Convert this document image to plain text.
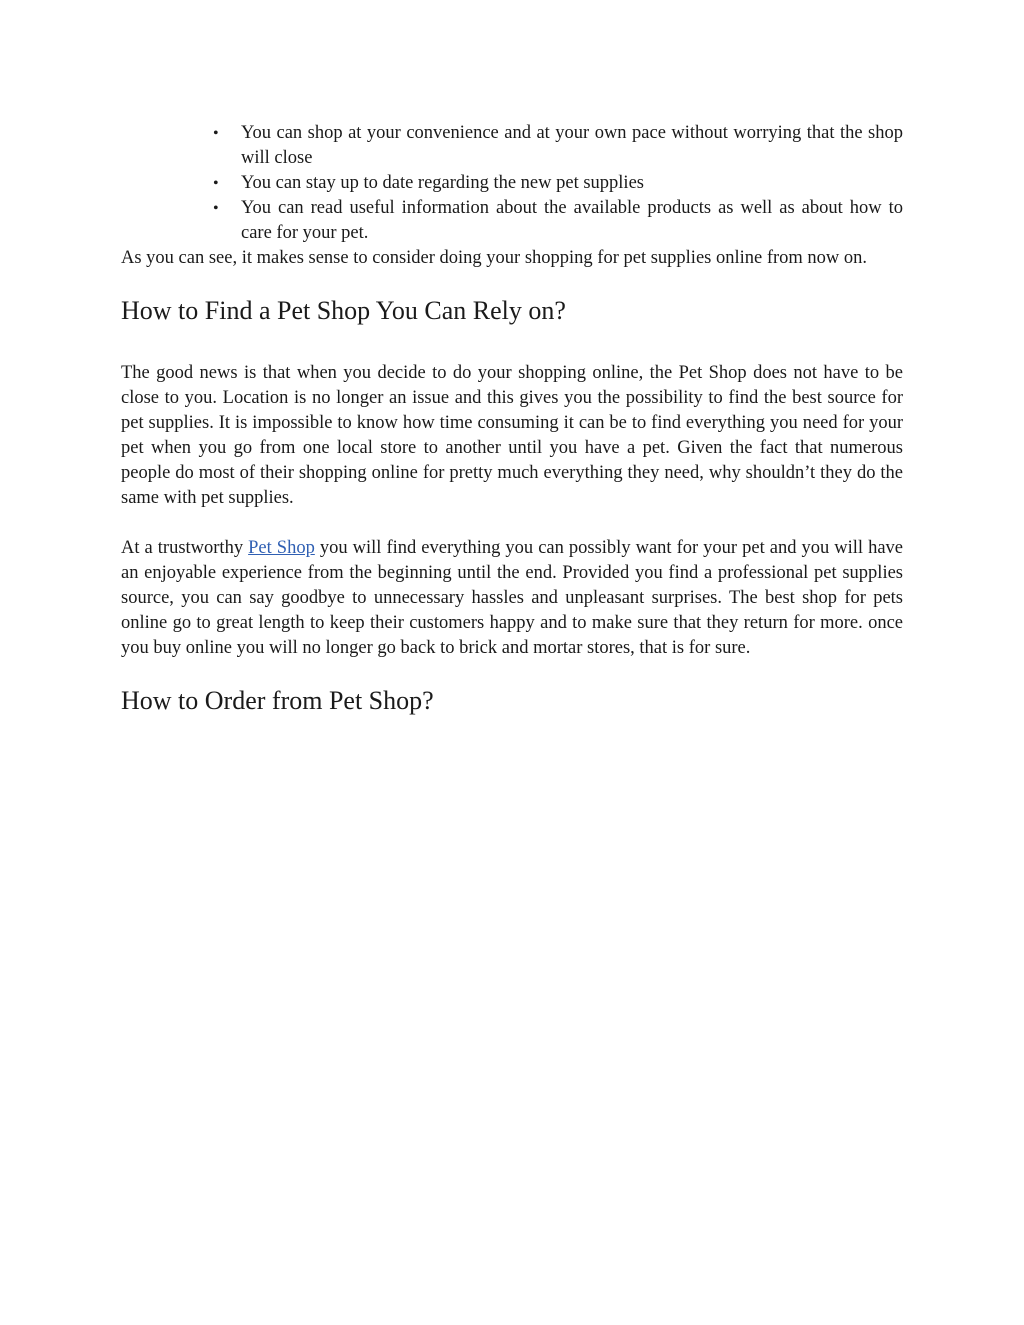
• You can shop at your convenience and at your own pace without worrying that the shop will close
• You can stay up to date regarding the new pet supplies
• You can read useful information about the available products as well as about how to care for your pet.

As you can see, it makes sense to consider doing your shopping for pet supplies online from now on.

How to Find a Pet Shop You Can Rely on?

The good news is that when you decide to do your shopping online, the Pet Shop does not have to be close to you. Location is no longer an issue and this gives you the possibility to find the best source for pet supplies. It is impossible to know how time consuming it can be to find everything you need for your pet when you go from one local store to another until you have a pet. Given the fact that numerous people do most of their shopping online for pretty much everything they need, why shouldn’t they do the same with pet supplies.

At a trustworthy Pet Shop you will find everything you can possibly want for your pet and you will have an enjoyable experience from the beginning until the end. Provided you find a professional pet supplies source, you can say goodbye to unnecessary hassles and unpleasant surprises. The best shop for pets online go to great length to keep their customers happy and to make sure that they return for more. once you buy online you will no longer go back to brick and mortar stores, that is for sure.

How to Order from Pet Shop?
